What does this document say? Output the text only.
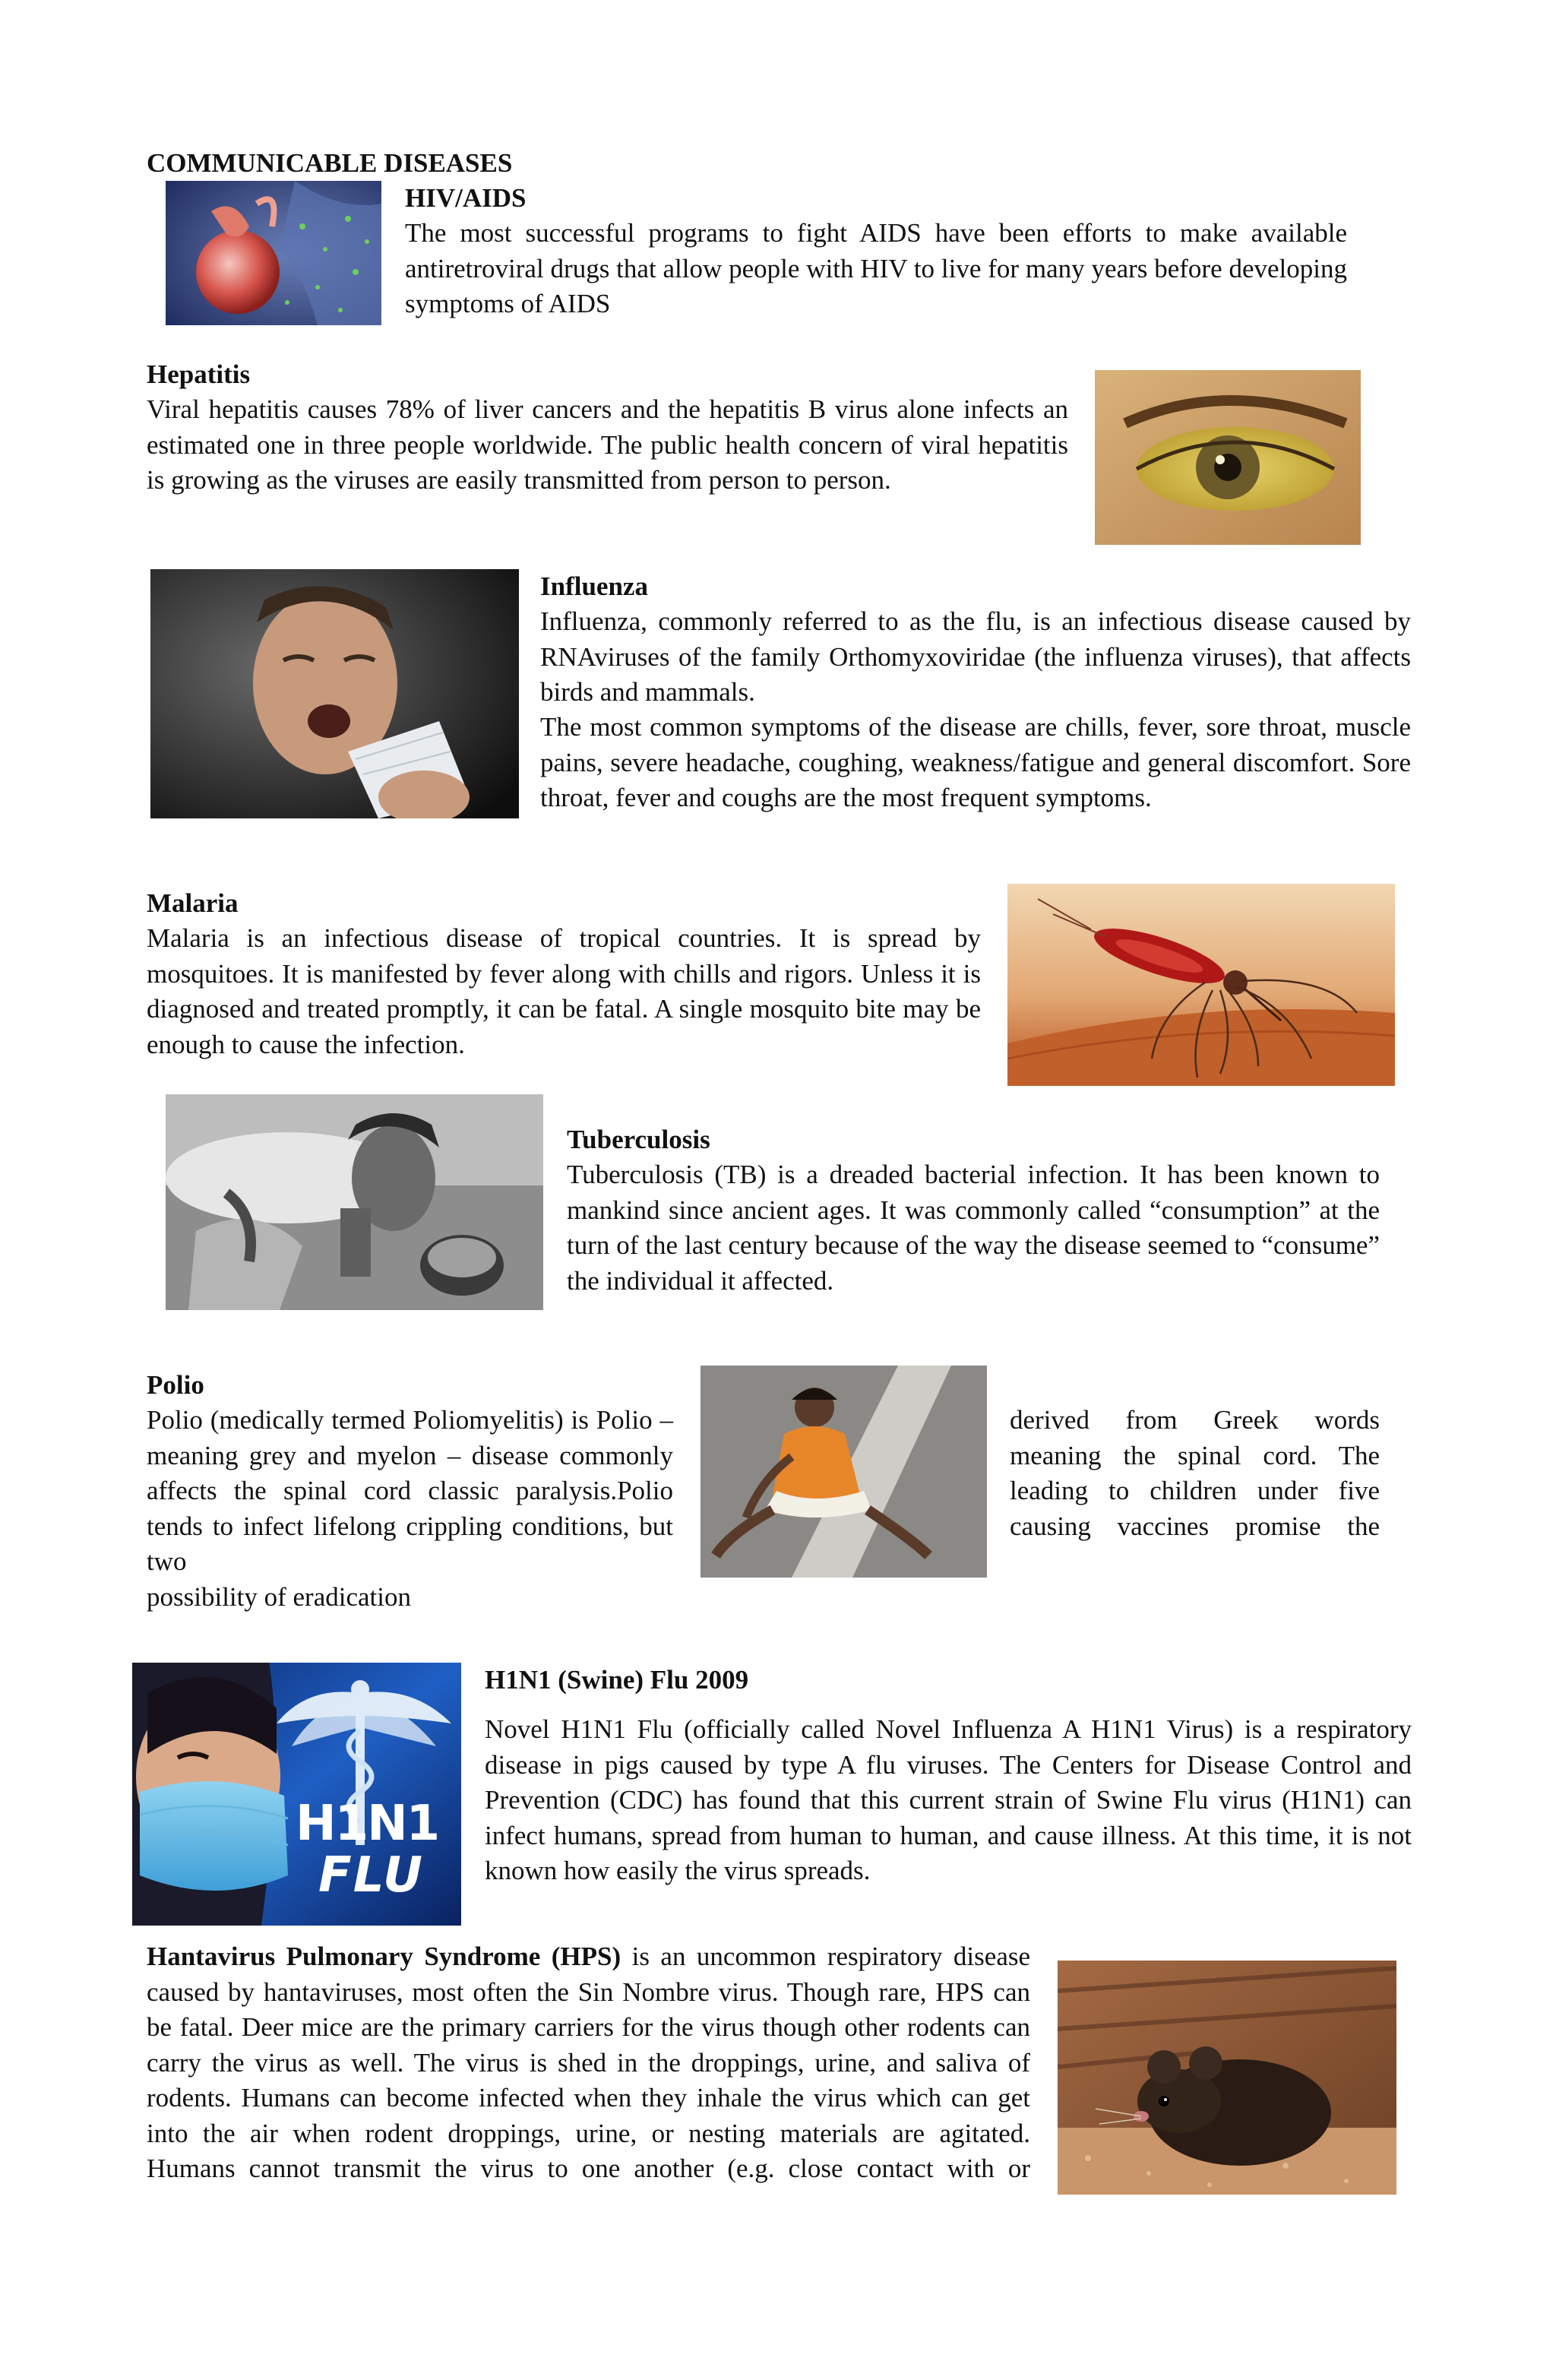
COMMUNICABLE DISEASES
HIV/AIDS

The most successful programs to fight AIDS have been efforts to make available antiretroviral drugs that allow people with HIV to live for many years before developing symptoms of AIDS

Hepatitis

Viral hepatitis causes 78% of liver cancers and the hepatitis B virus alone infects an estimated one in three people worldwide. The public health concern of viral hepatitis is growing as the viruses are easily transmitted from person to person.

Influenza

Influenza, commonly referred to as the flu, is an infectious disease caused by RNAviruses of the family Orthomyxoviridae (the influenza viruses), that affects birds and mammals.

The most common symptoms of the disease are chills, fever, sore throat, muscle pains, severe headache, coughing, weakness/fatigue and general discomfort. Sore throat, fever and coughs are the most frequent symptoms.

Malaria

Malaria is an infectious disease of tropical countries. It is spread by mosquitoes. It is manifested by fever along with chills and rigors. Unless it is diagnosed and treated promptly, it can be fatal. A single mosquito bite may be enough to cause the infection.

Tuberculosis

Tuberculosis (TB) is a dreaded bacterial infection. It has been known to mankind since ancient ages. It was commonly called “consumption” at the turn of the last century because of the way the disease seemed to “consume” the individual it affected.

Polio

Polio (medically termed Poliomyelitis) is Polio – meaning grey and myelon – disease commonly affects the spinal cord classic paralysis.Polio tends to infect lifelong crippling conditions, but two

possibility of eradication

derived from Greek words meaning the spinal cord. The leading to children under five causing vaccines promise the

H1N1
FLU
H1N1 (Swine) Flu 2009

Novel H1N1 Flu (officially called Novel Influenza A H1N1 Virus) is a respiratory disease in pigs caused by type A flu viruses. The Centers for Disease Control and Prevention (CDC) has found that this current strain of Swine Flu virus (H1N1) can infect humans, spread from human to human, and cause illness. At this time, it is not known how easily the virus spreads.

Hantavirus Pulmonary Syndrome (HPS) is an uncommon respiratory disease caused by hantaviruses, most often the Sin Nombre virus. Though rare, HPS can be fatal. Deer mice are the primary carriers for the virus though other rodents can carry the virus as well. The virus is shed in the droppings, urine, and saliva of rodents. Humans can become infected when they inhale the virus which can get into the air when rodent droppings, urine, or nesting materials are agitated. Humans cannot transmit the virus to one another (e.g. close contact with or
